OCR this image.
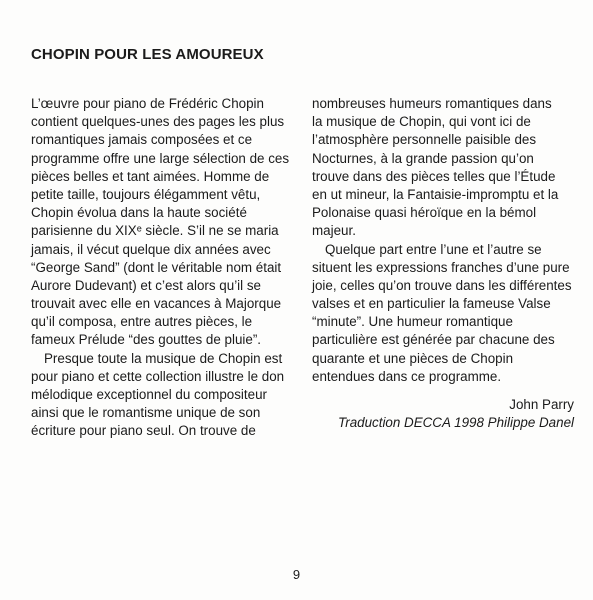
CHOPIN POUR LES AMOUREUX
L’œuvre pour piano de Frédéric Chopin
contient quelques-unes des pages les plus
romantiques jamais composées et ce
programme offre une large sélection de ces
pièces belles et tant aimées. Homme de
petite taille, toujours élégamment vêtu,
Chopin évolua dans la haute société
parisienne du XIXᵉ siècle. S’il ne se maria
jamais, il vécut quelque dix années avec
“George Sand” (dont le véritable nom était
Aurore Dudevant) et c’est alors qu’il se
trouvait avec elle en vacances à Majorque
qu’il composa, entre autres pièces, le
fameux Prélude “des gouttes de pluie”.
Presque toute la musique de Chopin est
pour piano et cette collection illustre le don
mélodique exceptionnel du compositeur
ainsi que le romantisme unique de son
écriture pour piano seul. On trouve de
nombreuses humeurs romantiques dans
la musique de Chopin, qui vont ici de
l’atmosphère personnelle paisible des
Nocturnes, à la grande passion qu’on
trouve dans des pièces telles que l’Étude
en ut mineur, la Fantaisie-impromptu et la
Polonaise quasi héroïque en la bémol
majeur.
Quelque part entre l’une et l’autre se
situent les expressions franches d’une pure
joie, celles qu’on trouve dans les différentes
valses et en particulier la fameuse Valse
“minute”. Une humeur romantique
particulière est générée par chacune des
quarante et une pièces de Chopin
entendues dans ce programme.
John Parry
Traduction DECCA 1998 Philippe Danel
9
